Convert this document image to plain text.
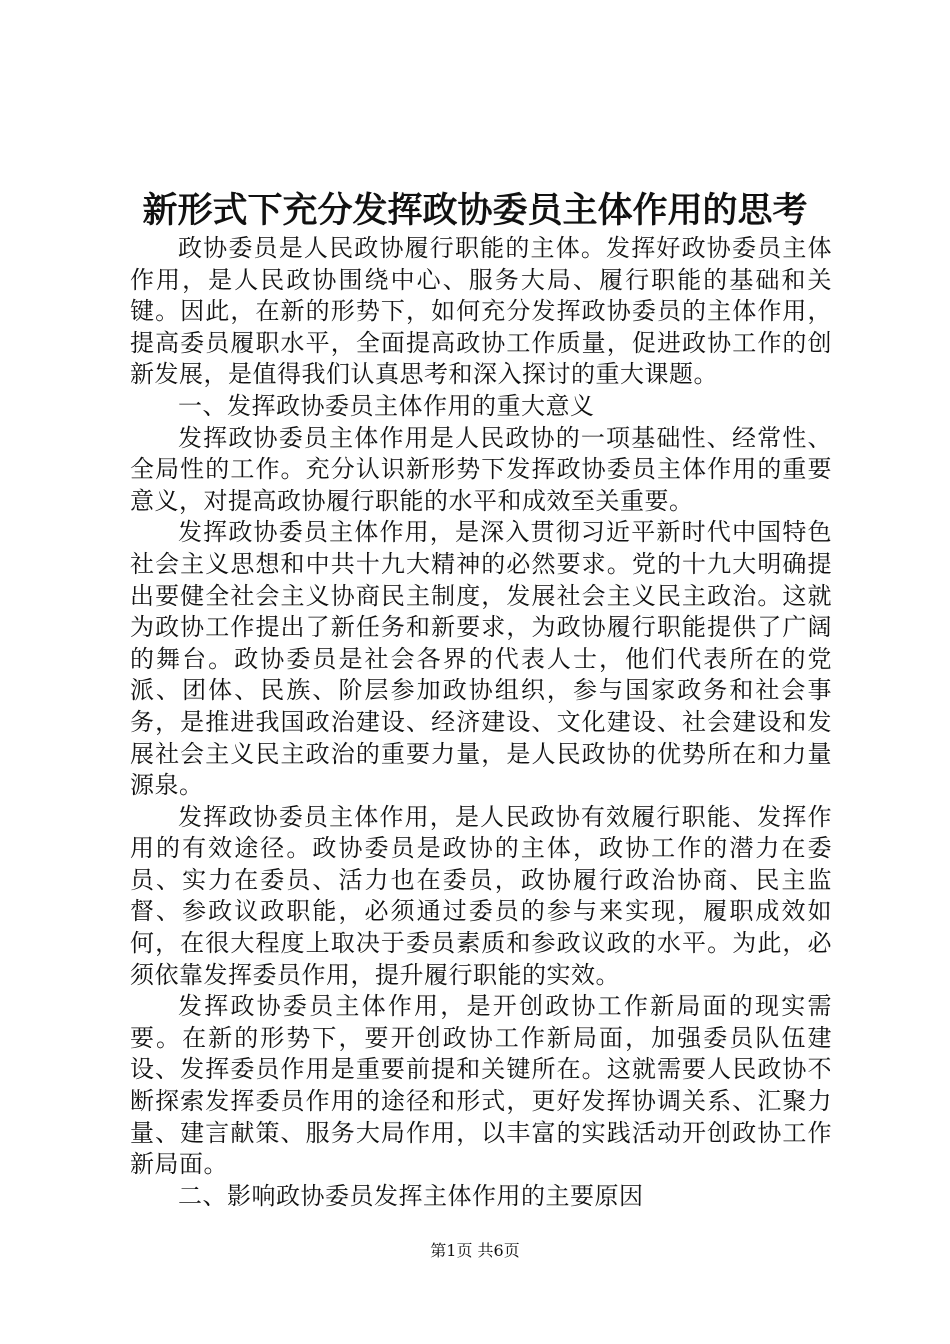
新形式下充分发挥政协委员主体作用的思考

政协委员是人民政协履行职能的主体。发挥好政协委员主体作用，是人民政协围绕中心、服务大局、履行职能的基础和关键。因此，在新的形势下，如何充分发挥政协委员的主体作用，提高委员履职水平，全面提高政协工作质量，促进政协工作的创新发展，是值得我们认真思考和深入探讨的重大课题。

一、发挥政协委员主体作用的重大意义

发挥政协委员主体作用是人民政协的一项基础性、经常性、全局性的工作。充分认识新形势下发挥政协委员主体作用的重要意义，对提高政协履行职能的水平和成效至关重要。

发挥政协委员主体作用，是深入贯彻习近平新时代中国特色社会主义思想和中共十九大精神的必然要求。党的十九大明确提出要健全社会主义协商民主制度，发展社会主义民主政治。这就为政协工作提出了新任务和新要求，为政协履行职能提供了广阔的舞台。政协委员是社会各界的代表人士，他们代表所在的党派、团体、民族、阶层参加政协组织，参与国家政务和社会事务，是推进我国政治建设、经济建设、文化建设、社会建设和发展社会主义民主政治的重要力量，是人民政协的优势所在和力量源泉。

发挥政协委员主体作用，是人民政协有效履行职能、发挥作用的有效途径。政协委员是政协的主体，政协工作的潜力在委员、实力在委员、活力也在委员，政协履行政治协商、民主监督、参政议政职能，必须通过委员的参与来实现，履职成效如何，在很大程度上取决于委员素质和参政议政的水平。为此，必须依靠发挥委员作用，提升履行职能的实效。

发挥政协委员主体作用，是开创政协工作新局面的现实需要。在新的形势下，要开创政协工作新局面，加强委员队伍建设、发挥委员作用是重要前提和关键所在。这就需要人民政协不断探索发挥委员作用的途径和形式，更好发挥协调关系、汇聚力量、建言献策、服务大局作用，以丰富的实践活动开创政协工作新局面。

二、影响政协委员发挥主体作用的主要原因

第1页 共6页
